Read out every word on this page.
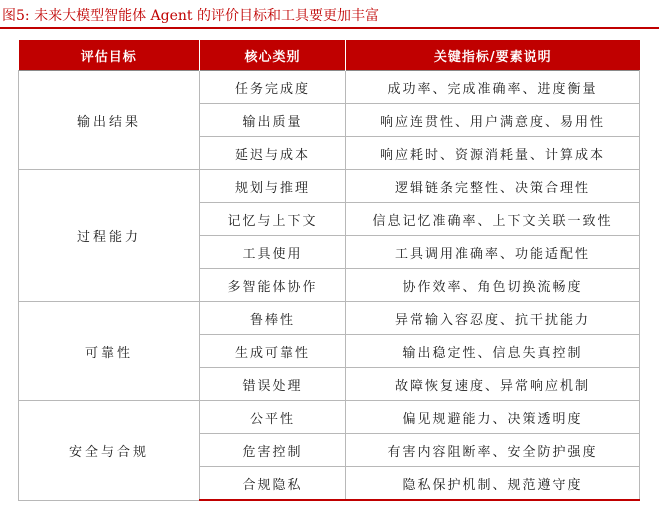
图5: 未来大模型智能体 Agent 的评价目标和工具要更加丰富
评估目标	核心类别	关键指标/要素说明
输出结果	任务完成度	成功率、完成准确率、进度衡量
	输出质量	响应连贯性、用户满意度、易用性
	延迟与成本	响应耗时、资源消耗量、计算成本
过程能力	规划与推理	逻辑链条完整性、决策合理性
	记忆与上下文	信息记忆准确率、上下文关联一致性
	工具使用	工具调用准确率、功能适配性
	多智能体协作	协作效率、角色切换流畅度
可靠性	鲁棒性	异常输入容忍度、抗干扰能力
	生成可靠性	输出稳定性、信息失真控制
	错误处理	故障恢复速度、异常响应机制
安全与合规	公平性	偏见规避能力、决策透明度
	危害控制	有害内容阻断率、安全防护强度
	合规隐私	隐私保护机制、规范遵守度
